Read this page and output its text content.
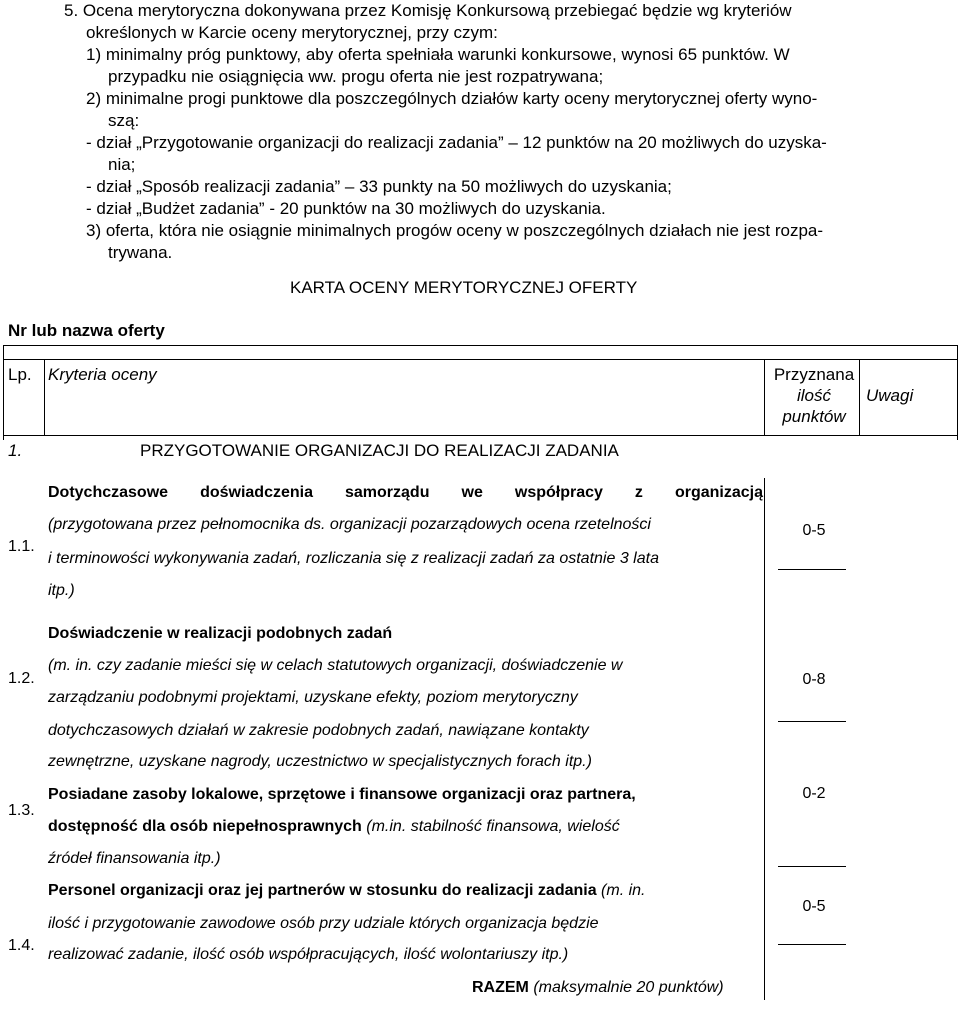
5. Ocena merytoryczna dokonywana przez Komisję Konkursową przebiegać będzie wg kryteriów
określonych w Karcie oceny merytorycznej, przy czym:
1) minimalny próg punktowy, aby oferta spełniała warunki konkursowe, wynosi 65 punktów. W
przypadku nie osiągnięcia ww. progu oferta nie jest rozpatrywana;
2) minimalne progi punktowe dla poszczególnych działów karty oceny merytorycznej oferty wyno-
szą:
- dział „Przygotowanie organizacji do realizacji zadania” – 12 punktów na 20 możliwych do uzyska-
nia;
- dział „Sposób realizacji zadania” – 33 punkty na 50 możliwych do uzyskania;
- dział „Budżet zadania” - 20 punktów na 30 możliwych do uzyskania.
3) oferta, która nie osiągnie minimalnych progów oceny w poszczególnych działach nie jest rozpa-
trywana.
KARTA OCENY MERYTORYCZNEJ OFERTY
Nr lub nazwa oferty
Lp. Kryteria oceny	Przyznana
ilość
punktów
Uwagi
1.	PRZYGOTOWANIE ORGANIZACJI DO REALIZACJI ZADANIA
1.1.
Dotychczasowe doświadczenia samorządu we współpracy z organizacją
(przygotowana przez pełnomocnika ds. organizacji pozarządowych ocena rzetelności
i terminowości wykonywania zadań, rozliczania się z realizacji zadań za ostatnie 3 lata
itp.)
0-5
1.2.
Doświadczenie w realizacji podobnych zadań
(m. in. czy zadanie mieści się w celach statutowych organizacji, doświadczenie w
zarządzaniu podobnymi projektami, uzyskane efekty, poziom merytoryczny
dotychczasowych działań w zakresie podobnych zadań, nawiązane kontakty
zewnętrzne, uzyskane nagrody, uczestnictwo w specjalistycznych forach itp.)
0-8
1.3.
Posiadane zasoby lokalowe, sprzętowe i finansowe organizacji oraz partnera,
dostępność dla osób niepełnosprawnych (m.in. stabilność finansowa, wielość
źródeł finansowania itp.)
0-2
1.4.
Personel organizacji oraz jej partnerów w stosunku do realizacji zadania (m. in.
ilość i przygotowanie zawodowe osób przy udziale których organizacja będzie
realizować zadanie, ilość osób współpracujących, ilość wolontariuszy itp.)
0-5
RAZEM (maksymalnie 20 punktów)
